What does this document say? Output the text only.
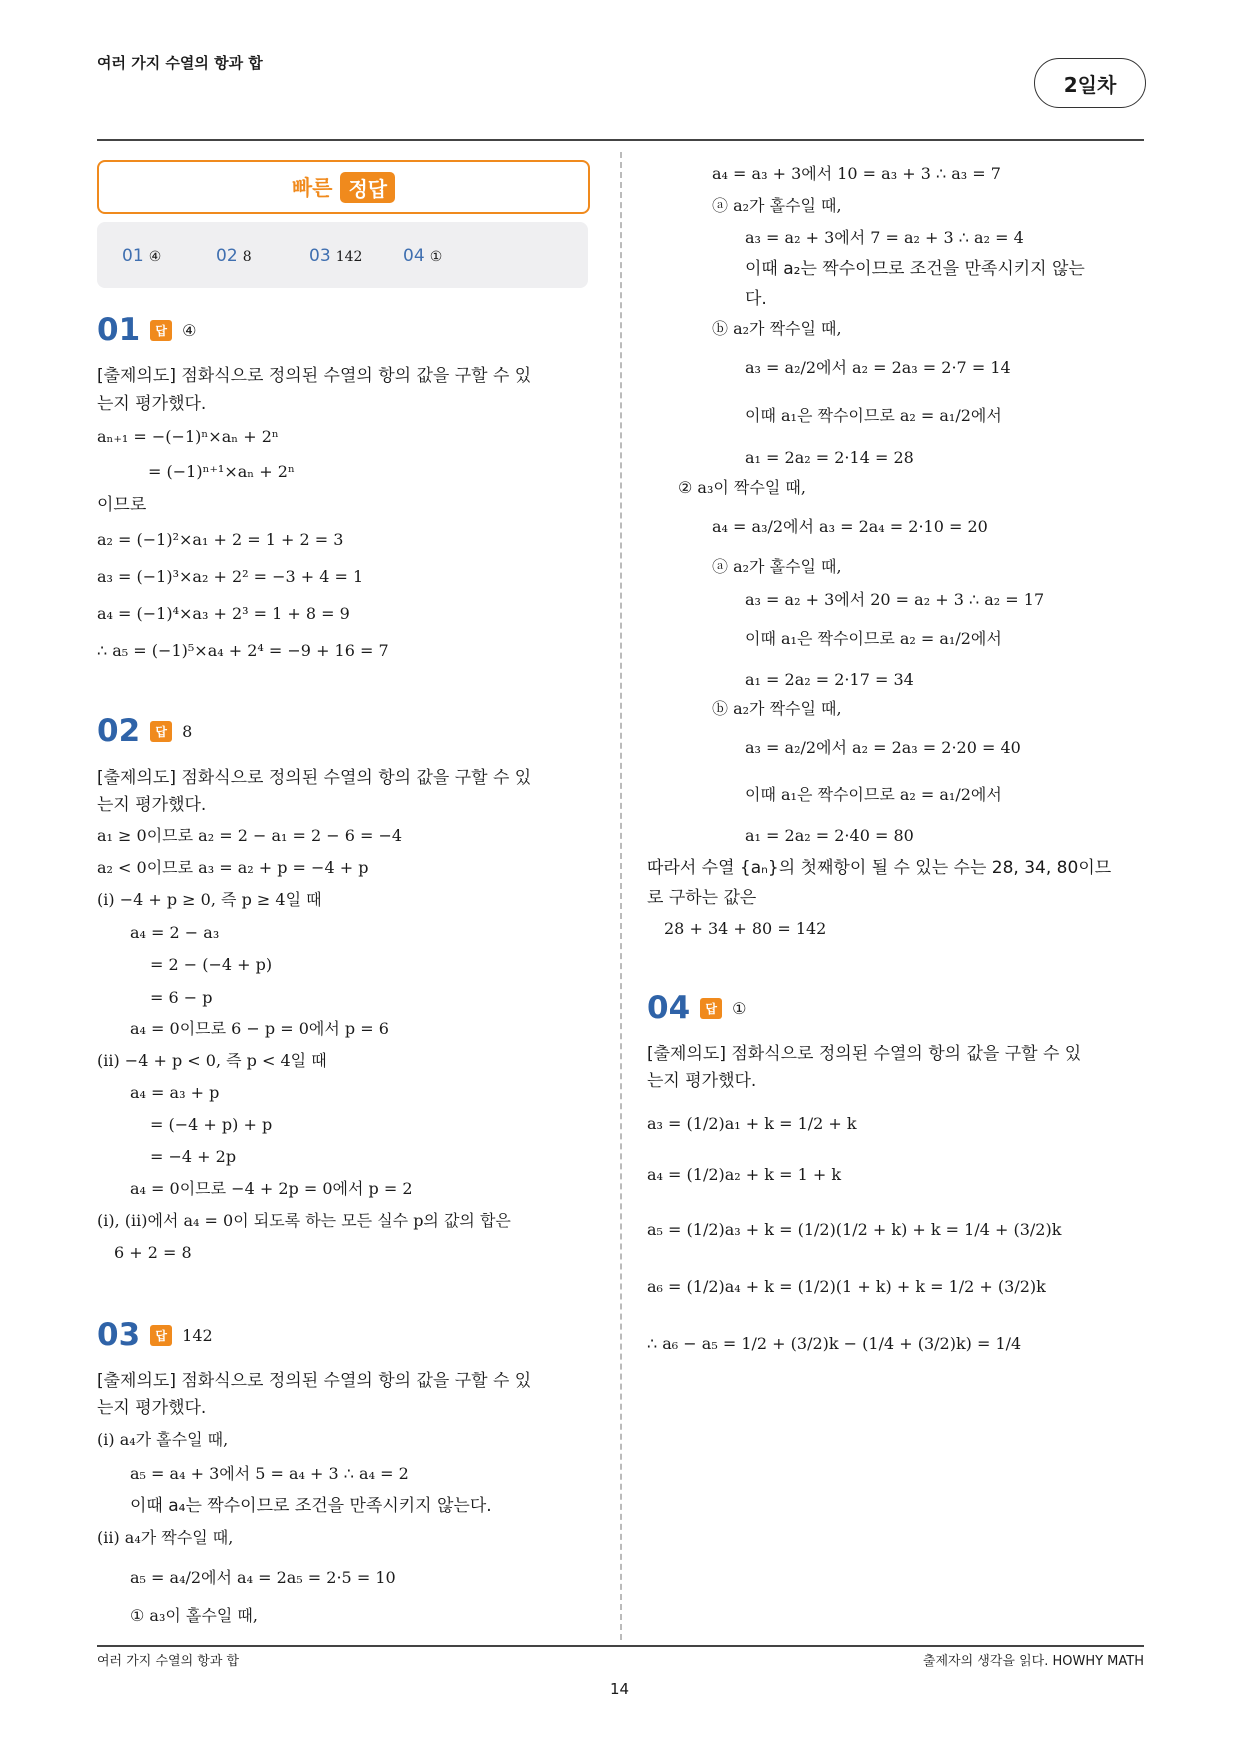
여러 가지 수열의 항과 합
2일차
빠른 정답
01 ④	02 8	03 142 04 ①
01	답 ④
[출제의도] 점화식으로 정의된 수열의 항의 값을 구할 수 있
는지 평가했다.
aₙ₊₁ = −(−1)ⁿ×aₙ + 2ⁿ
= (−1)ⁿ⁺¹×aₙ + 2ⁿ
이므로
a₂ = (−1)²×a₁ + 2 = 1 + 2 = 3
a₃ = (−1)³×a₂ + 2² = −3 + 4 = 1
a₄ = (−1)⁴×a₃ + 2³ = 1 + 8 = 9
∴ a₅ = (−1)⁵×a₄ + 2⁴ = −9 + 16 = 7
02	답 8
[출제의도] 점화식으로 정의된 수열의 항의 값을 구할 수 있
는지 평가했다.
a₁ ≥ 0이므로 a₂ = 2 − a₁ = 2 − 6 = −4
a₂ < 0이므로 a₃ = a₂ + p = −4 + p
(i) −4 + p ≥ 0, 즉 p ≥ 4일 때
a₄ = 2 − a₃
= 2 − (−4 + p)
= 6 − p
a₄ = 0이므로 6 − p = 0에서 p = 6
(ii) −4 + p < 0, 즉 p < 4일 때
a₄ = a₃ + p
= (−4 + p) + p
= −4 + 2p
a₄ = 0이므로 −4 + 2p = 0에서 p = 2
(i), (ii)에서 a₄ = 0이 되도록 하는 모든 실수 p의 값의 합은
6 + 2 = 8
03	답 142
[출제의도] 점화식으로 정의된 수열의 항의 값을 구할 수 있
는지 평가했다.
(i) a₄가 홀수일 때,
a₅ = a₄ + 3에서 5 = a₄ + 3 ∴ a₄ = 2
이때 a₄는 짝수이므로 조건을 만족시키지 않는다.
(ii) a₄가 짝수일 때,
a₅ = a₄/2에서 a₄ = 2a₅ = 2·5 = 10
① a₃이 홀수일 때,
a₄ = a₃ + 3에서 10 = a₃ + 3 ∴ a₃ = 7
ⓐ a₂가 홀수일 때,
a₃ = a₂ + 3에서 7 = a₂ + 3 ∴ a₂ = 4
이때 a₂는 짝수이므로 조건을 만족시키지 않는
다.
ⓑ a₂가 짝수일 때,
a₃ = a₂/2에서 a₂ = 2a₃ = 2·7 = 14
이때 a₁은 짝수이므로 a₂ = a₁/2에서
a₁ = 2a₂ = 2·14 = 28
② a₃이 짝수일 때,
a₄ = a₃/2에서 a₃ = 2a₄ = 2·10 = 20
ⓐ a₂가 홀수일 때,
a₃ = a₂ + 3에서 20 = a₂ + 3 ∴ a₂ = 17
이때 a₁은 짝수이므로 a₂ = a₁/2에서
a₁ = 2a₂ = 2·17 = 34
ⓑ a₂가 짝수일 때,
a₃ = a₂/2에서 a₂ = 2a₃ = 2·20 = 40
이때 a₁은 짝수이므로 a₂ = a₁/2에서
a₁ = 2a₂ = 2·40 = 80
따라서 수열 {aₙ}의 첫째항이 될 수 있는 수는 28, 34, 80이므
로 구하는 값은
28 + 34 + 80 = 142
04	답 ①
[출제의도] 점화식으로 정의된 수열의 항의 값을 구할 수 있
는지 평가했다.
a₃ = (1/2)a₁ + k = 1/2 + k
a₄ = (1/2)a₂ + k = 1 + k
a₅ = (1/2)a₃ + k = (1/2)(1/2 + k) + k = 1/4 + (3/2)k
a₆ = (1/2)a₄ + k = (1/2)(1 + k) + k = 1/2 + (3/2)k
∴ a₆ − a₅ = 1/2 + (3/2)k − (1/4 + (3/2)k) = 1/4
여러 가지 수열의 항과 합	출제자의 생각을 읽다. HOWHY MATH
14
